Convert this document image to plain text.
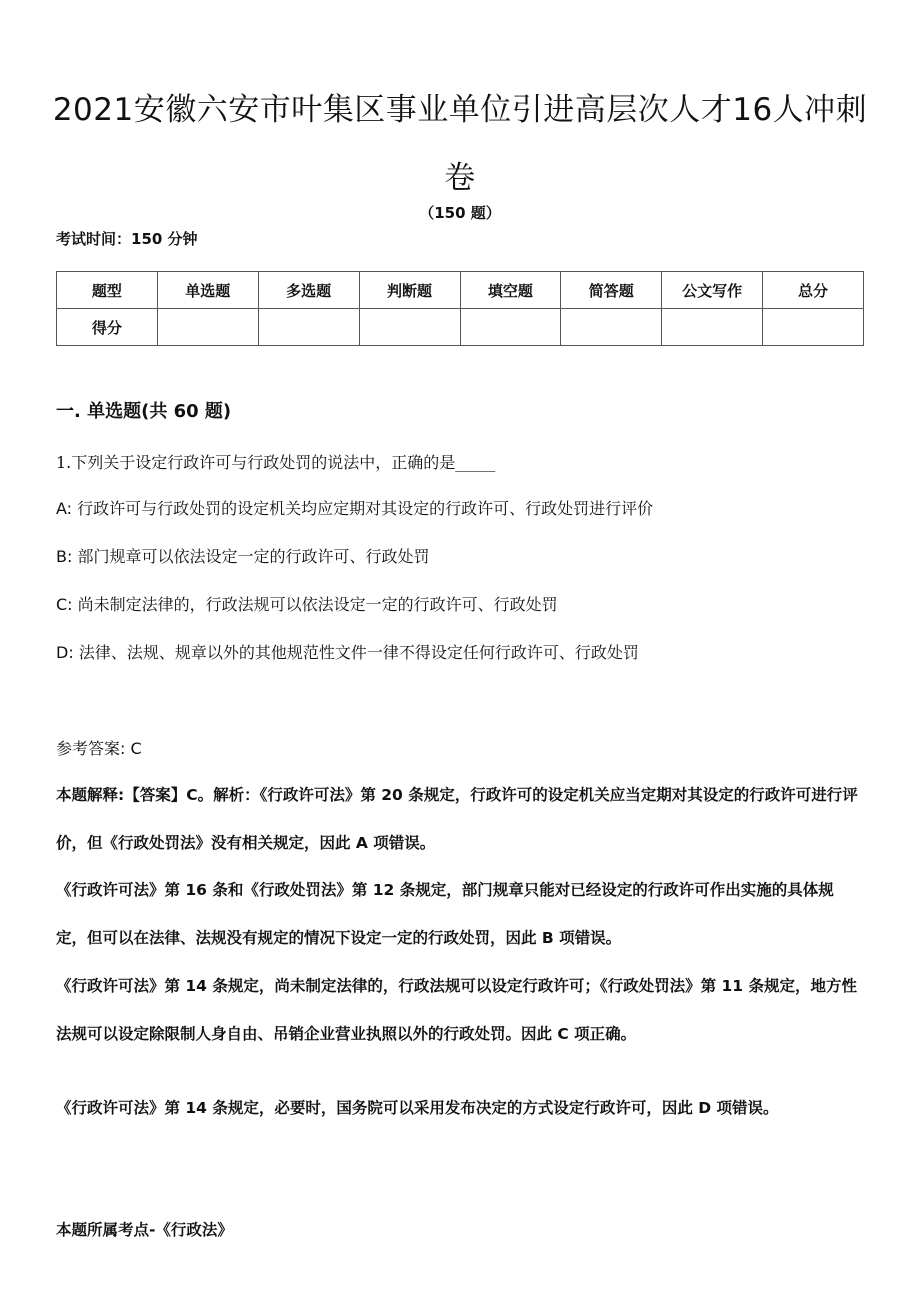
2021安徽六安市叶集区事业单位引进高层次人才16人冲刺卷
（150 题）
考试时间：150 分钟
题型	单选题	多选题	判断题	填空题	简答题	公文写作	总分
得分							
一. 单选题(共 60 题)
1.下列关于设定行政许可与行政处罚的说法中，正确的是_____
A: 行政许可与行政处罚的设定机关均应定期对其设定的行政许可、行政处罚进行评价
B: 部门规章可以依法设定一定的行政许可、行政处罚
C: 尚未制定法律的，行政法规可以依法设定一定的行政许可、行政处罚
D: 法律、法规、规章以外的其他规范性文件一律不得设定任何行政许可、行政处罚
参考答案: C

本题解释:【答案】C。解析：《行政许可法》第 20 条规定，行政许可的设定机关应当定期对其设定的行政许可进行评价，但《行政处罚法》没有相关规定，因此 A 项错误。

《行政许可法》第 16 条和《行政处罚法》第 12 条规定，部门规章只能对已经设定的行政许可作出实施的具体规定，但可以在法律、法规没有规定的情况下设定一定的行政处罚，因此 B 项错误。

《行政许可法》第 14 条规定，尚未制定法律的，行政法规可以设定行政许可；《行政处罚法》第 11 条规定，地方性法规可以设定除限制人身自由、吊销企业营业执照以外的行政处罚。因此 C 项正确。

《行政许可法》第 14 条规定，必要时，国务院可以采用发布决定的方式设定行政许可，因此 D 项错误。

本题所属考点-《行政法》
